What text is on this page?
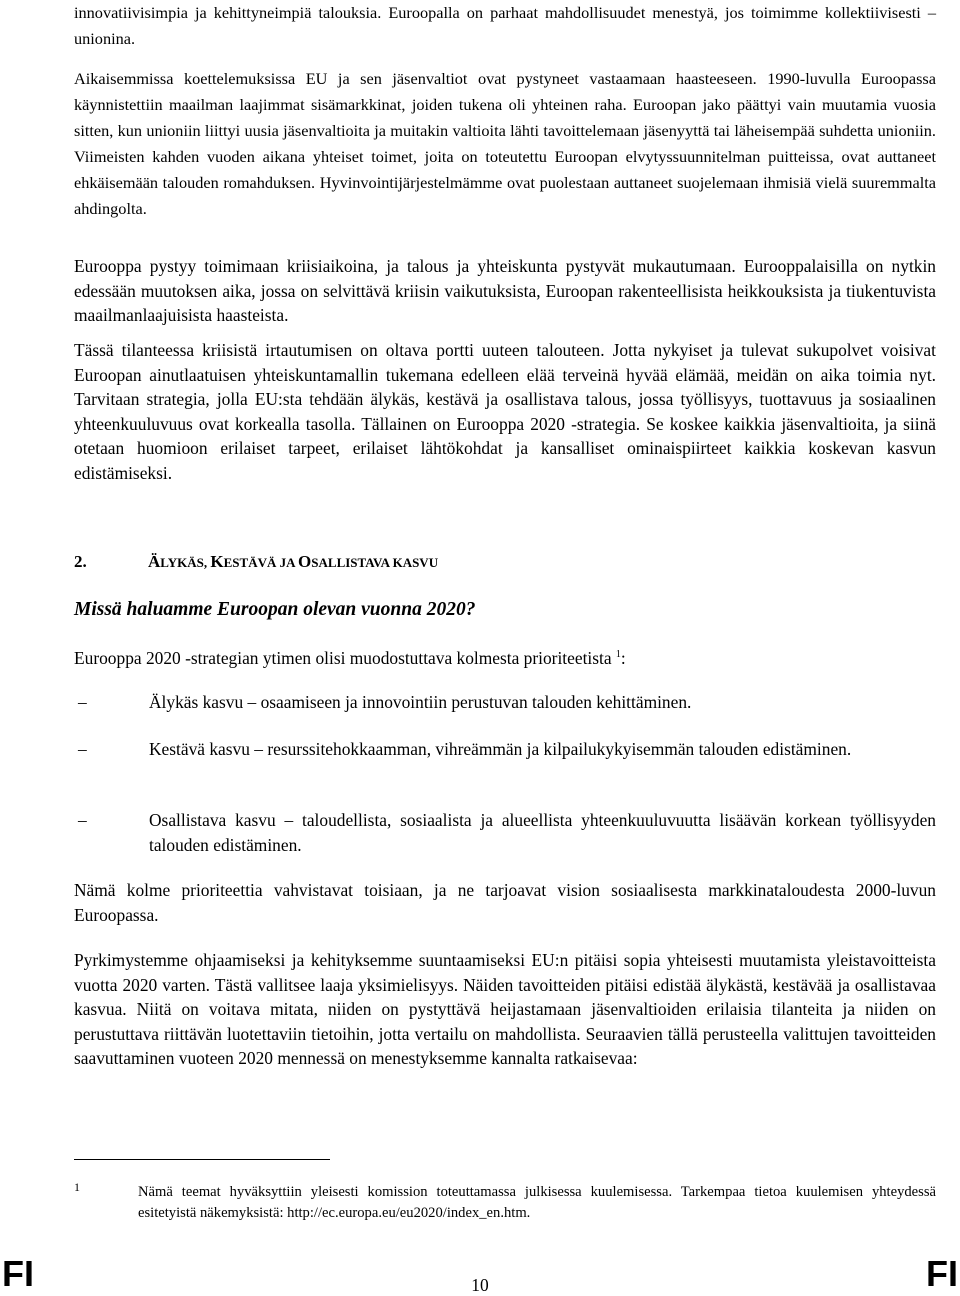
innovatiivisimpia ja kehittyneimpiä talouksia. Euroopalla on parhaat mahdollisuudet menestyä, jos toimimme kollektiivisesti – unionina.

Aikaisemmissa koettelemuksissa EU ja sen jäsenvaltiot ovat pystyneet vastaamaan haasteeseen. 1990-luvulla Euroopassa käynnistettiin maailman laajimmat sisämarkkinat, joiden tukena oli yhteinen raha. Euroopan jako päättyi vain muutamia vuosia sitten, kun unioniin liittyi uusia jäsenvaltioita ja muitakin valtioita lähti tavoittelemaan jäsenyyttä tai läheisempää suhdetta unioniin. Viimeisten kahden vuoden aikana yhteiset toimet, joita on toteutettu Euroopan elvytyssuunnitelman puitteissa, ovat auttaneet ehkäisemään talouden romahduksen. Hyvinvointijärjestelmämme ovat puolestaan auttaneet suojelemaan ihmisiä vielä suuremmalta ahdingolta.

Eurooppa pystyy toimimaan kriisiaikoina, ja talous ja yhteiskunta pystyvät mukautumaan. Eurooppalaisilla on nytkin edessään muutoksen aika, jossa on selvittävä kriisin vaikutuksista, Euroopan rakenteellisista heikkouksista ja tiukentuvista maailmanlaajuisista haasteista.

Tässä tilanteessa kriisistä irtautumisen on oltava portti uuteen talouteen. Jotta nykyiset ja tulevat sukupolvet voisivat Euroopan ainutlaatuisen yhteiskuntamallin tukemana edelleen elää terveinä hyvää elämää, meidän on aika toimia nyt. Tarvitaan strategia, jolla EU:sta tehdään älykäs, kestävä ja osallistava talous, jossa työllisyys, tuottavuus ja sosiaalinen yhteenkuuluvuus ovat korkealla tasolla. Tällainen on Eurooppa 2020 -strategia. Se koskee kaikkia jäsenvaltioita, ja siinä otetaan huomioon erilaiset tarpeet, erilaiset lähtökohdat ja kansalliset ominaispiirteet kaikkia koskevan kasvun edistämiseksi.

2.	ÄLYKÄS, KESTÄVÄ JA OSALLISTAVA KASVU
Missä haluamme Euroopan olevan vuonna 2020?

Eurooppa 2020 -strategian ytimen olisi muodostuttava kolmesta prioriteetista $^1$:

–	Älykäs kasvu – osaamiseen ja innovointiin perustuvan talouden kehittäminen.

–	Kestävä kasvu – resurssitehokkaamman, vihreämmän ja kilpailukykyisemmän talouden edistäminen.

–	Osallistava kasvu – taloudellista, sosiaalista ja alueellista yhteenkuuluvuutta lisäävän korkean työllisyyden talouden edistäminen.

Nämä kolme prioriteettia vahvistavat toisiaan, ja ne tarjoavat vision sosiaalisesta markkinataloudesta 2000-luvun Euroopassa.

Pyrkimystemme ohjaamiseksi ja kehityksemme suuntaamiseksi EU:n pitäisi sopia yhteisesti muutamista yleistavoitteista vuotta 2020 varten. Tästä vallitsee laaja yksimielisyys. Näiden tavoitteiden pitäisi edistää älykästä, kestävää ja osallistavaa kasvua. Niitä on voitava mitata, niiden on pystyttävä heijastamaan jäsenvaltioiden erilaisia tilanteita ja niiden on perustuttava riittävän luotettaviin tietoihin, jotta vertailu on mahdollista. Seuraavien tällä perusteella valittujen tavoitteiden saavuttaminen vuoteen 2020 mennessä on menestyksemme kannalta ratkaisevaa:

1	Nämä teemat hyväksyttiin yleisesti komission toteuttamassa julkisessa kuulemisessa. Tarkempaa tietoa kuulemisen yhteydessä esitetyistä näkemyksistä: http://ec.europa.eu/eu2020/index_en.htm.

FI	10	FI
